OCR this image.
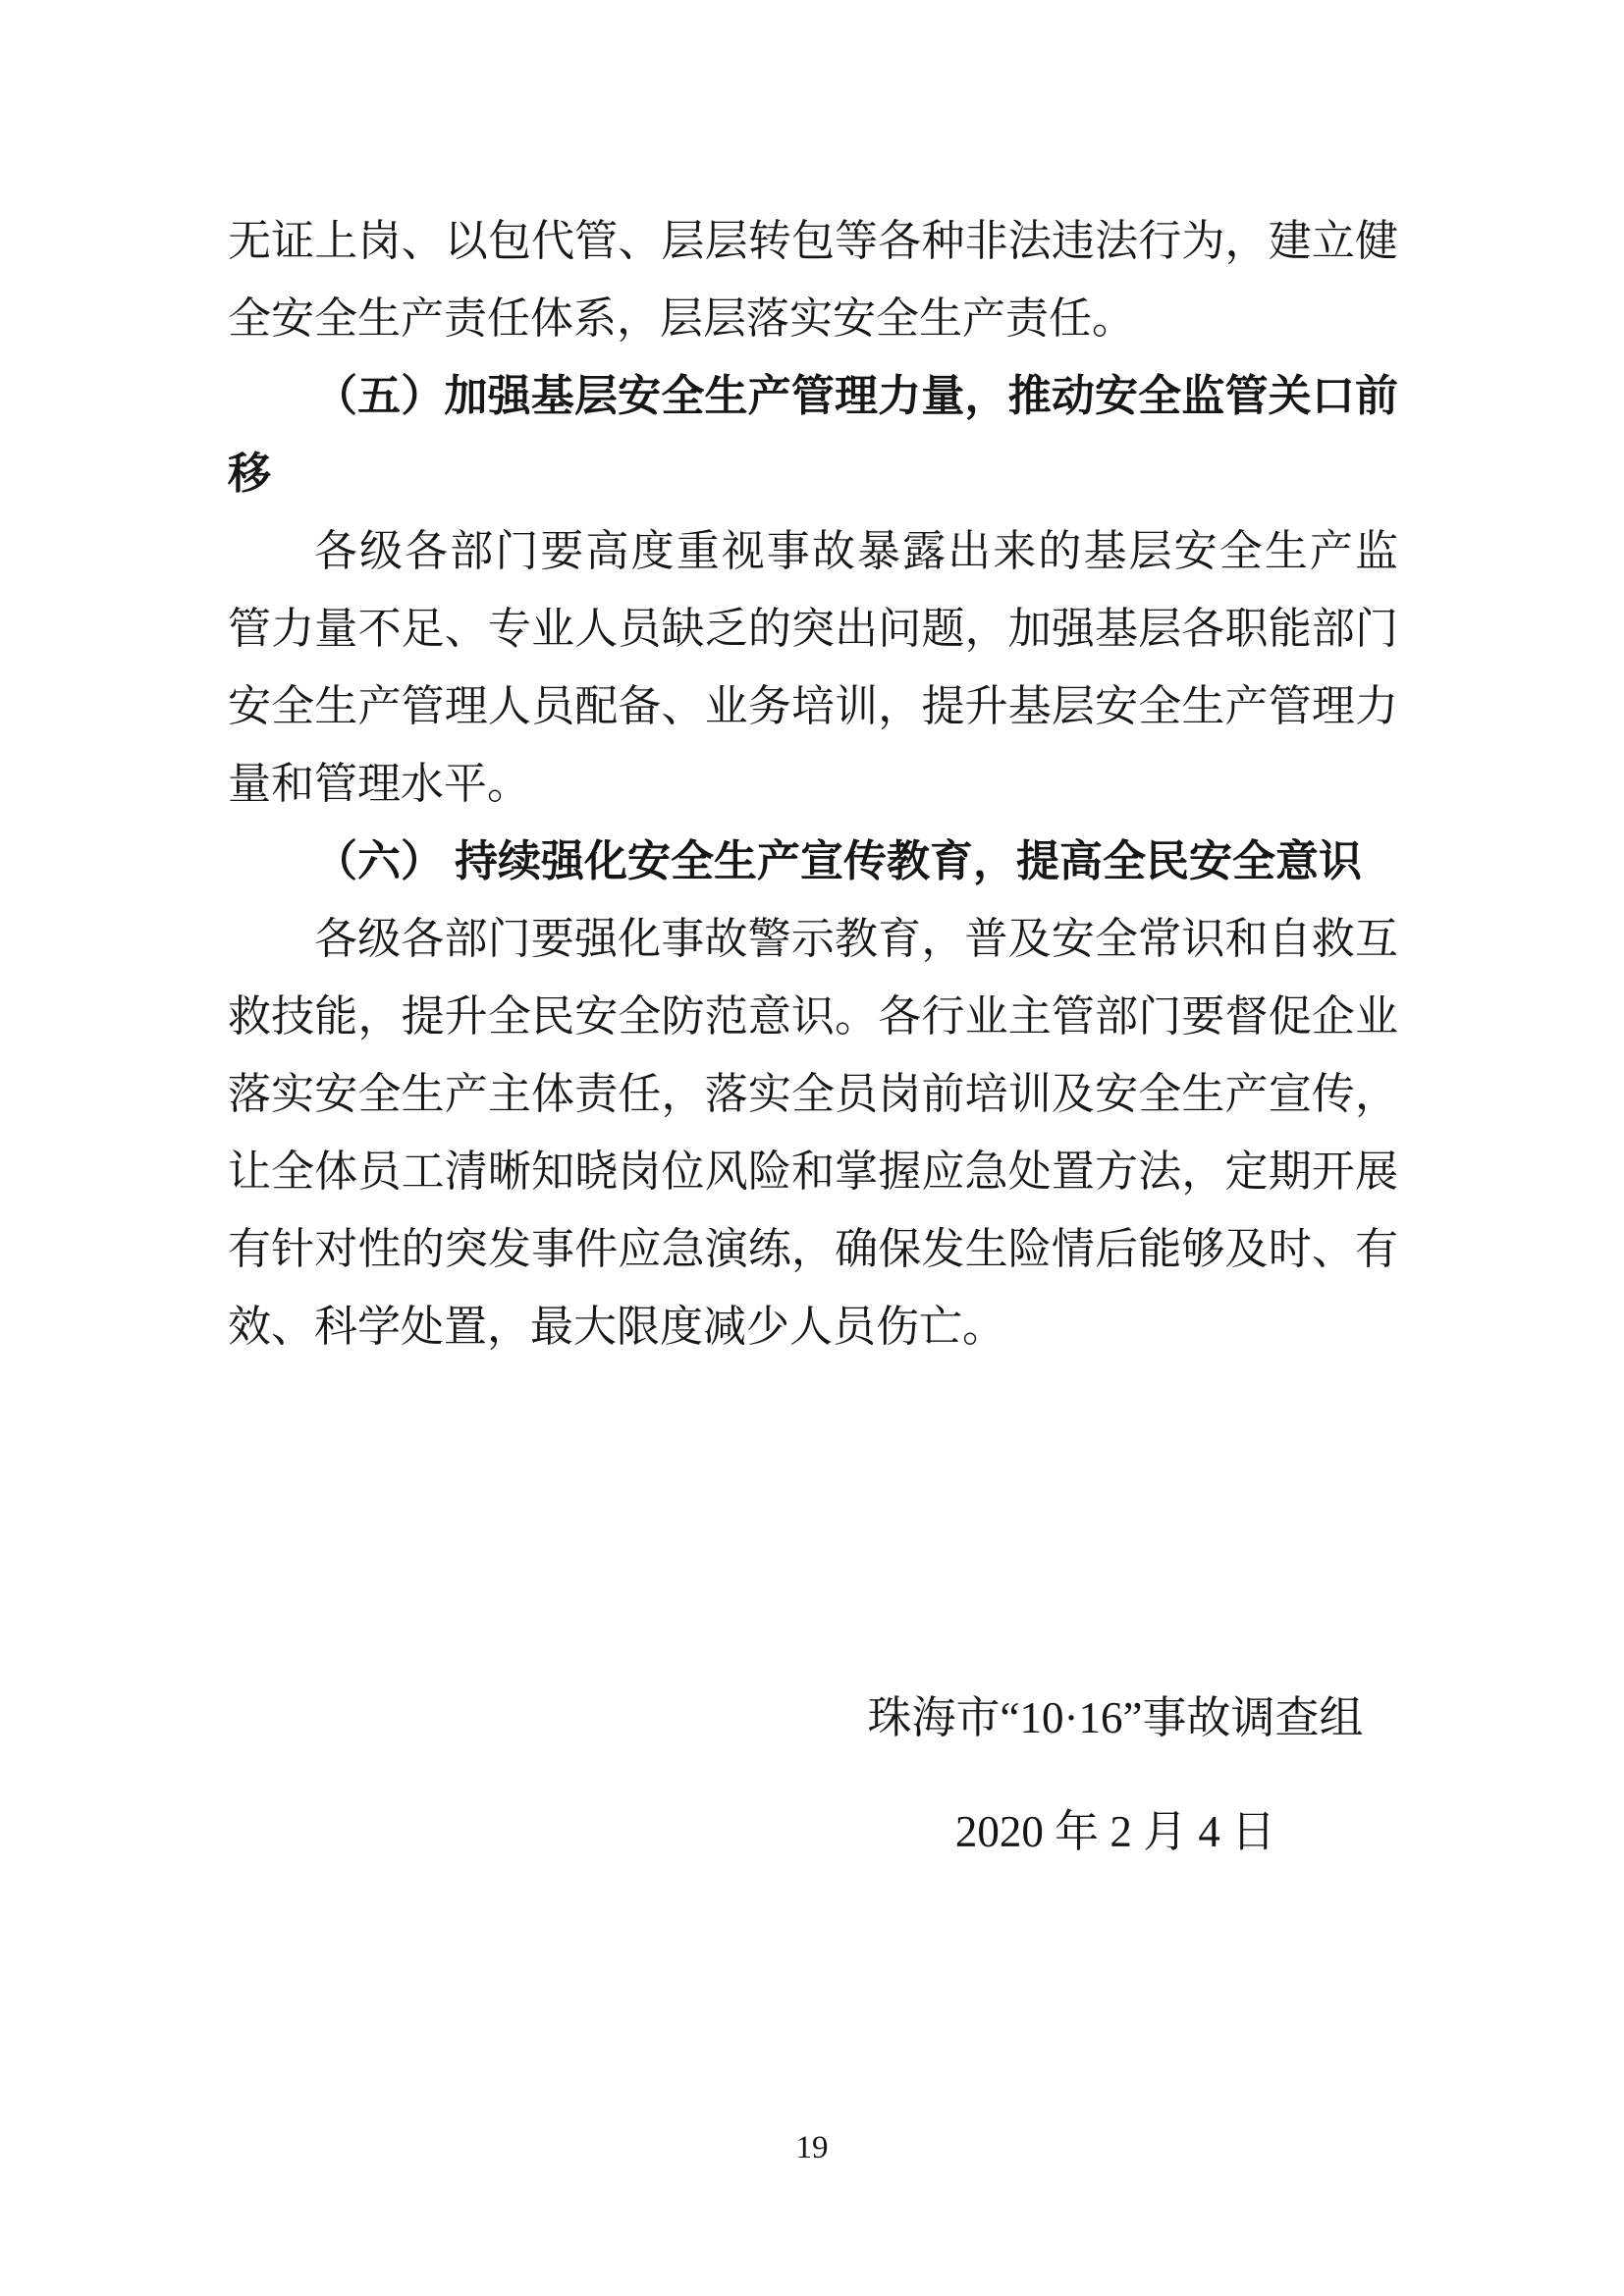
无证上岗、以包代管、层层转包等各种非法违法行为，建立健
全安全生产责任体系，层层落实安全生产责任。
（五）加强基层安全生产管理力量，推动安全监管关口前
移
各级各部门要高度重视事故暴露出来的基层安全生产监
管力量不足、专业人员缺乏的突出问题，加强基层各职能部门
安全生产管理人员配备、业务培训，提升基层安全生产管理力
量和管理水平。
（六） 持续强化安全生产宣传教育，提高全民安全意识
各级各部门要强化事故警示教育，普及安全常识和自救互
救技能，提升全民安全防范意识。各行业主管部门要督促企业
落实安全生产主体责任，落实全员岗前培训及安全生产宣传，
让全体员工清晰知晓岗位风险和掌握应急处置方法，定期开展
有针对性的突发事件应急演练，确保发生险情后能够及时、有
效、科学处置，最大限度减少人员伤亡。
珠海市“10·16”事故调查组
2020 年 2 月 4 日
19
